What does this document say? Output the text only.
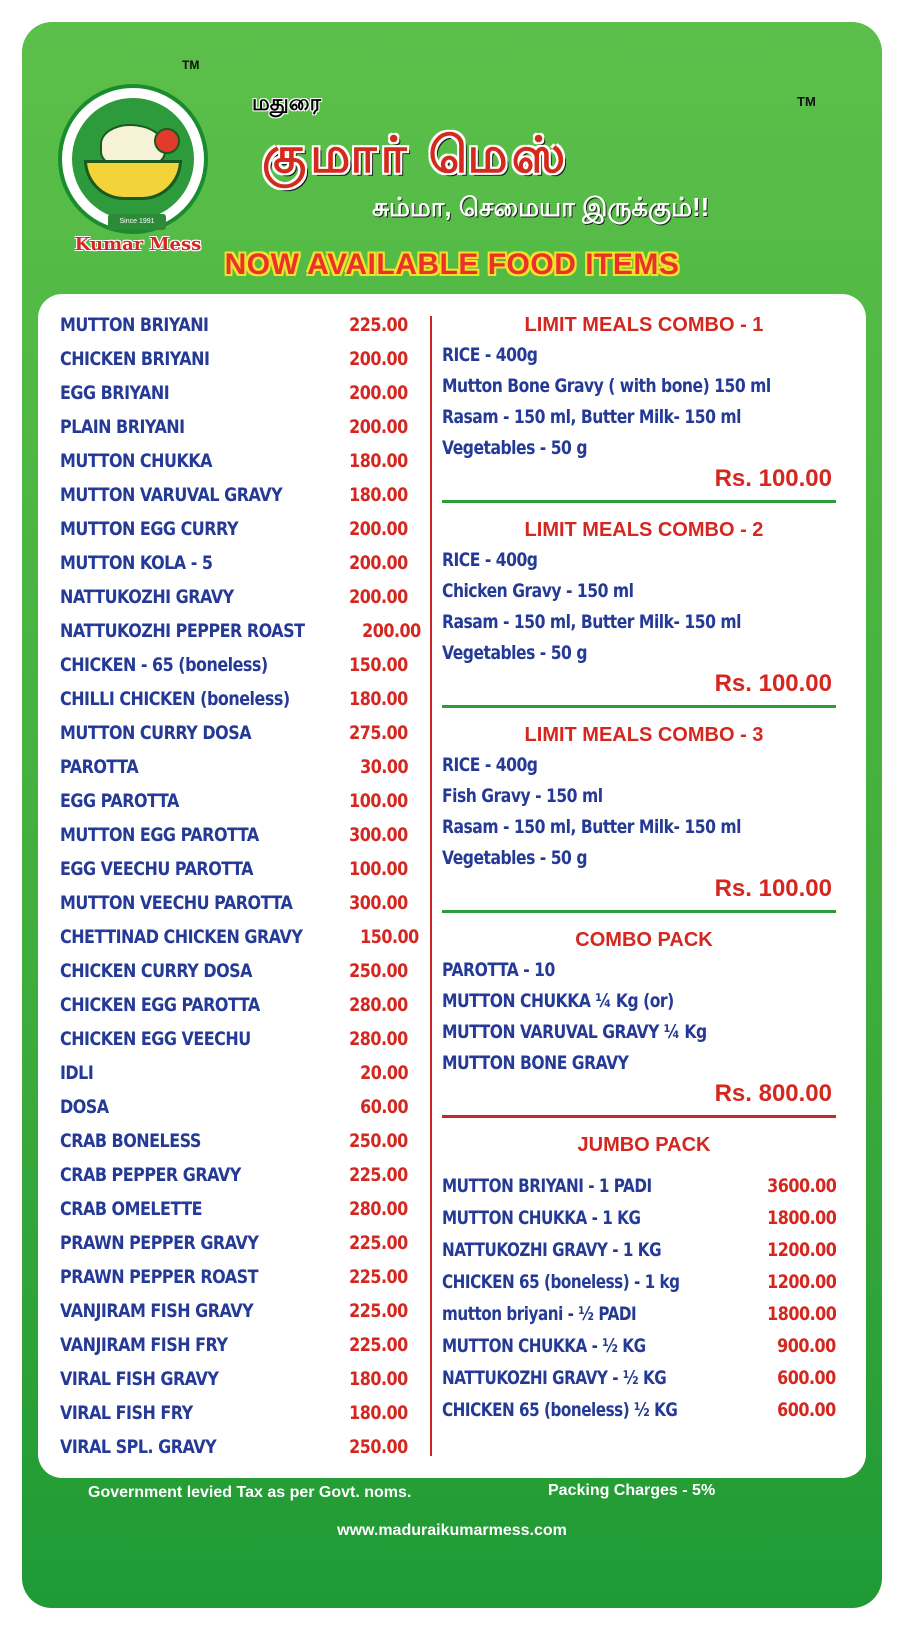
Since 1991
Kumar Mess
TM
மதுரை
குமார் மெஸ்
TM
சும்மா, செமையா இருக்கும்!!
NOW AVAILABLE FOOD ITEMS
MUTTON BRIYANI	225.00
CHICKEN BRIYANI	200.00
EGG BRIYANI	200.00
PLAIN BRIYANI	200.00
MUTTON CHUKKA	180.00
MUTTON VARUVAL GRAVY	180.00
MUTTON EGG CURRY	200.00
MUTTON KOLA - 5	200.00
NATTUKOZHI GRAVY	200.00
NATTUKOZHI PEPPER ROAST	200.00
CHICKEN - 65 (boneless)	150.00
CHILLI CHICKEN (boneless)	180.00
MUTTON CURRY DOSA	275.00
PAROTTA	30.00
EGG PAROTTA	100.00
MUTTON EGG PAROTTA	300.00
EGG VEECHU PAROTTA	100.00
MUTTON VEECHU PAROTTA	300.00
CHETTINAD CHICKEN GRAVY	150.00
CHICKEN CURRY DOSA	250.00
CHICKEN EGG PAROTTA	280.00
CHICKEN EGG VEECHU	280.00
IDLI	20.00
DOSA	60.00
CRAB BONELESS	250.00
CRAB PEPPER GRAVY	225.00
CRAB OMELETTE	280.00
PRAWN PEPPER GRAVY	225.00
PRAWN PEPPER ROAST	225.00
VANJIRAM FISH GRAVY	225.00
VANJIRAM FISH FRY	225.00
VIRAL FISH GRAVY	180.00
VIRAL FISH FRY	180.00
VIRAL SPL. GRAVY	250.00
LIMIT MEALS COMBO - 1
RICE - 400g
Mutton Bone Gravy ( with bone) 150 ml
Rasam - 150 ml, Butter Milk- 150 ml
Vegetables - 50 g
Rs. 100.00
LIMIT MEALS COMBO - 2
RICE - 400g
Chicken Gravy - 150 ml
Rasam - 150 ml, Butter Milk- 150 ml
Vegetables - 50 g
Rs. 100.00
LIMIT MEALS COMBO - 3
RICE - 400g
Fish Gravy - 150 ml
Rasam - 150 ml, Butter Milk- 150 ml
Vegetables - 50 g
Rs. 100.00
COMBO PACK
PAROTTA - 10
MUTTON CHUKKA ¼ Kg (or)
MUTTON VARUVAL GRAVY ¼ Kg
MUTTON BONE GRAVY
Rs. 800.00
JUMBO PACK
MUTTON BRIYANI - 1 PADI	3600.00
MUTTON CHUKKA - 1 KG	1800.00
NATTUKOZHI GRAVY - 1 KG	1200.00
CHICKEN 65 (boneless) - 1 kg	1200.00
mutton briyani - ½ PADI	1800.00
MUTTON CHUKKA - ½ KG	900.00
NATTUKOZHI GRAVY - ½ KG	600.00
CHICKEN 65 (boneless) ½ KG	600.00
Government levied Tax as per Govt. noms.	Packing Charges - 5%
www.maduraikumarmess.com
